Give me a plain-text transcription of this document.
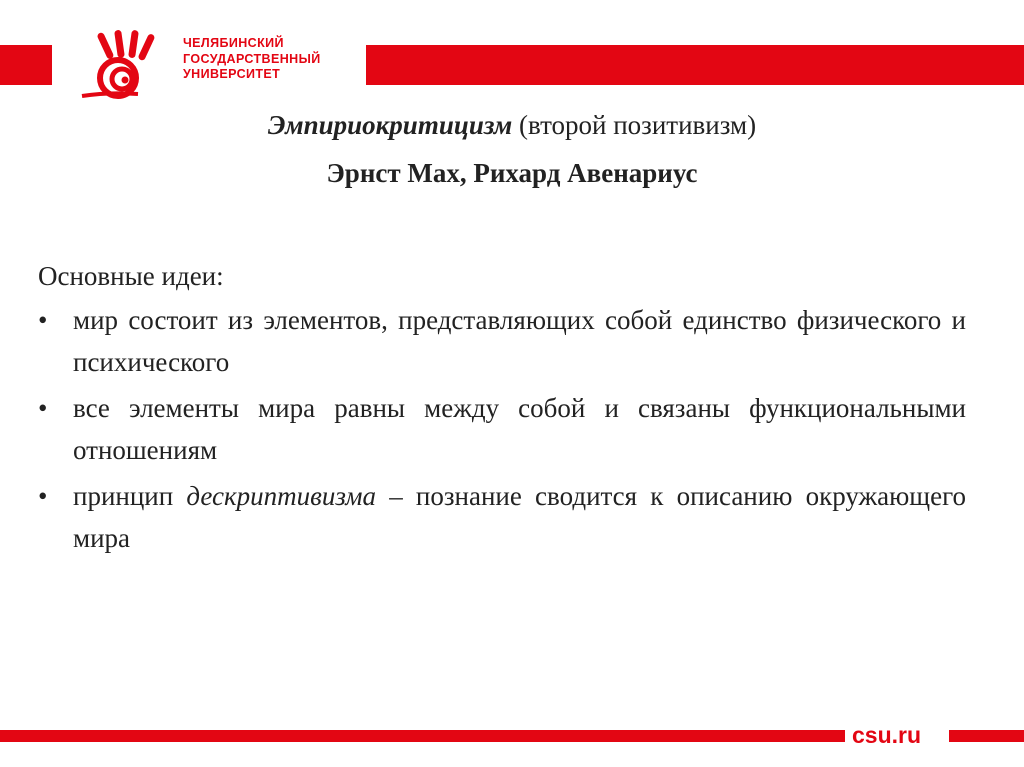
ЧЕЛЯБИНСКИЙ
ГОСУДАРСТВЕННЫЙ
УНИВЕРСИТЕТ
Эмпириокритицизм (второй позитивизм)
Эрнст Мах, Рихард Авенариус
Основные идеи:
• мир состоит из элементов, представляющих собой единство физического и психического
• все элементы мира равны между собой и связаны функциональными отношениям
• принцип дескриптивизма – познание сводится к описанию окружающего мира
csu.ru
